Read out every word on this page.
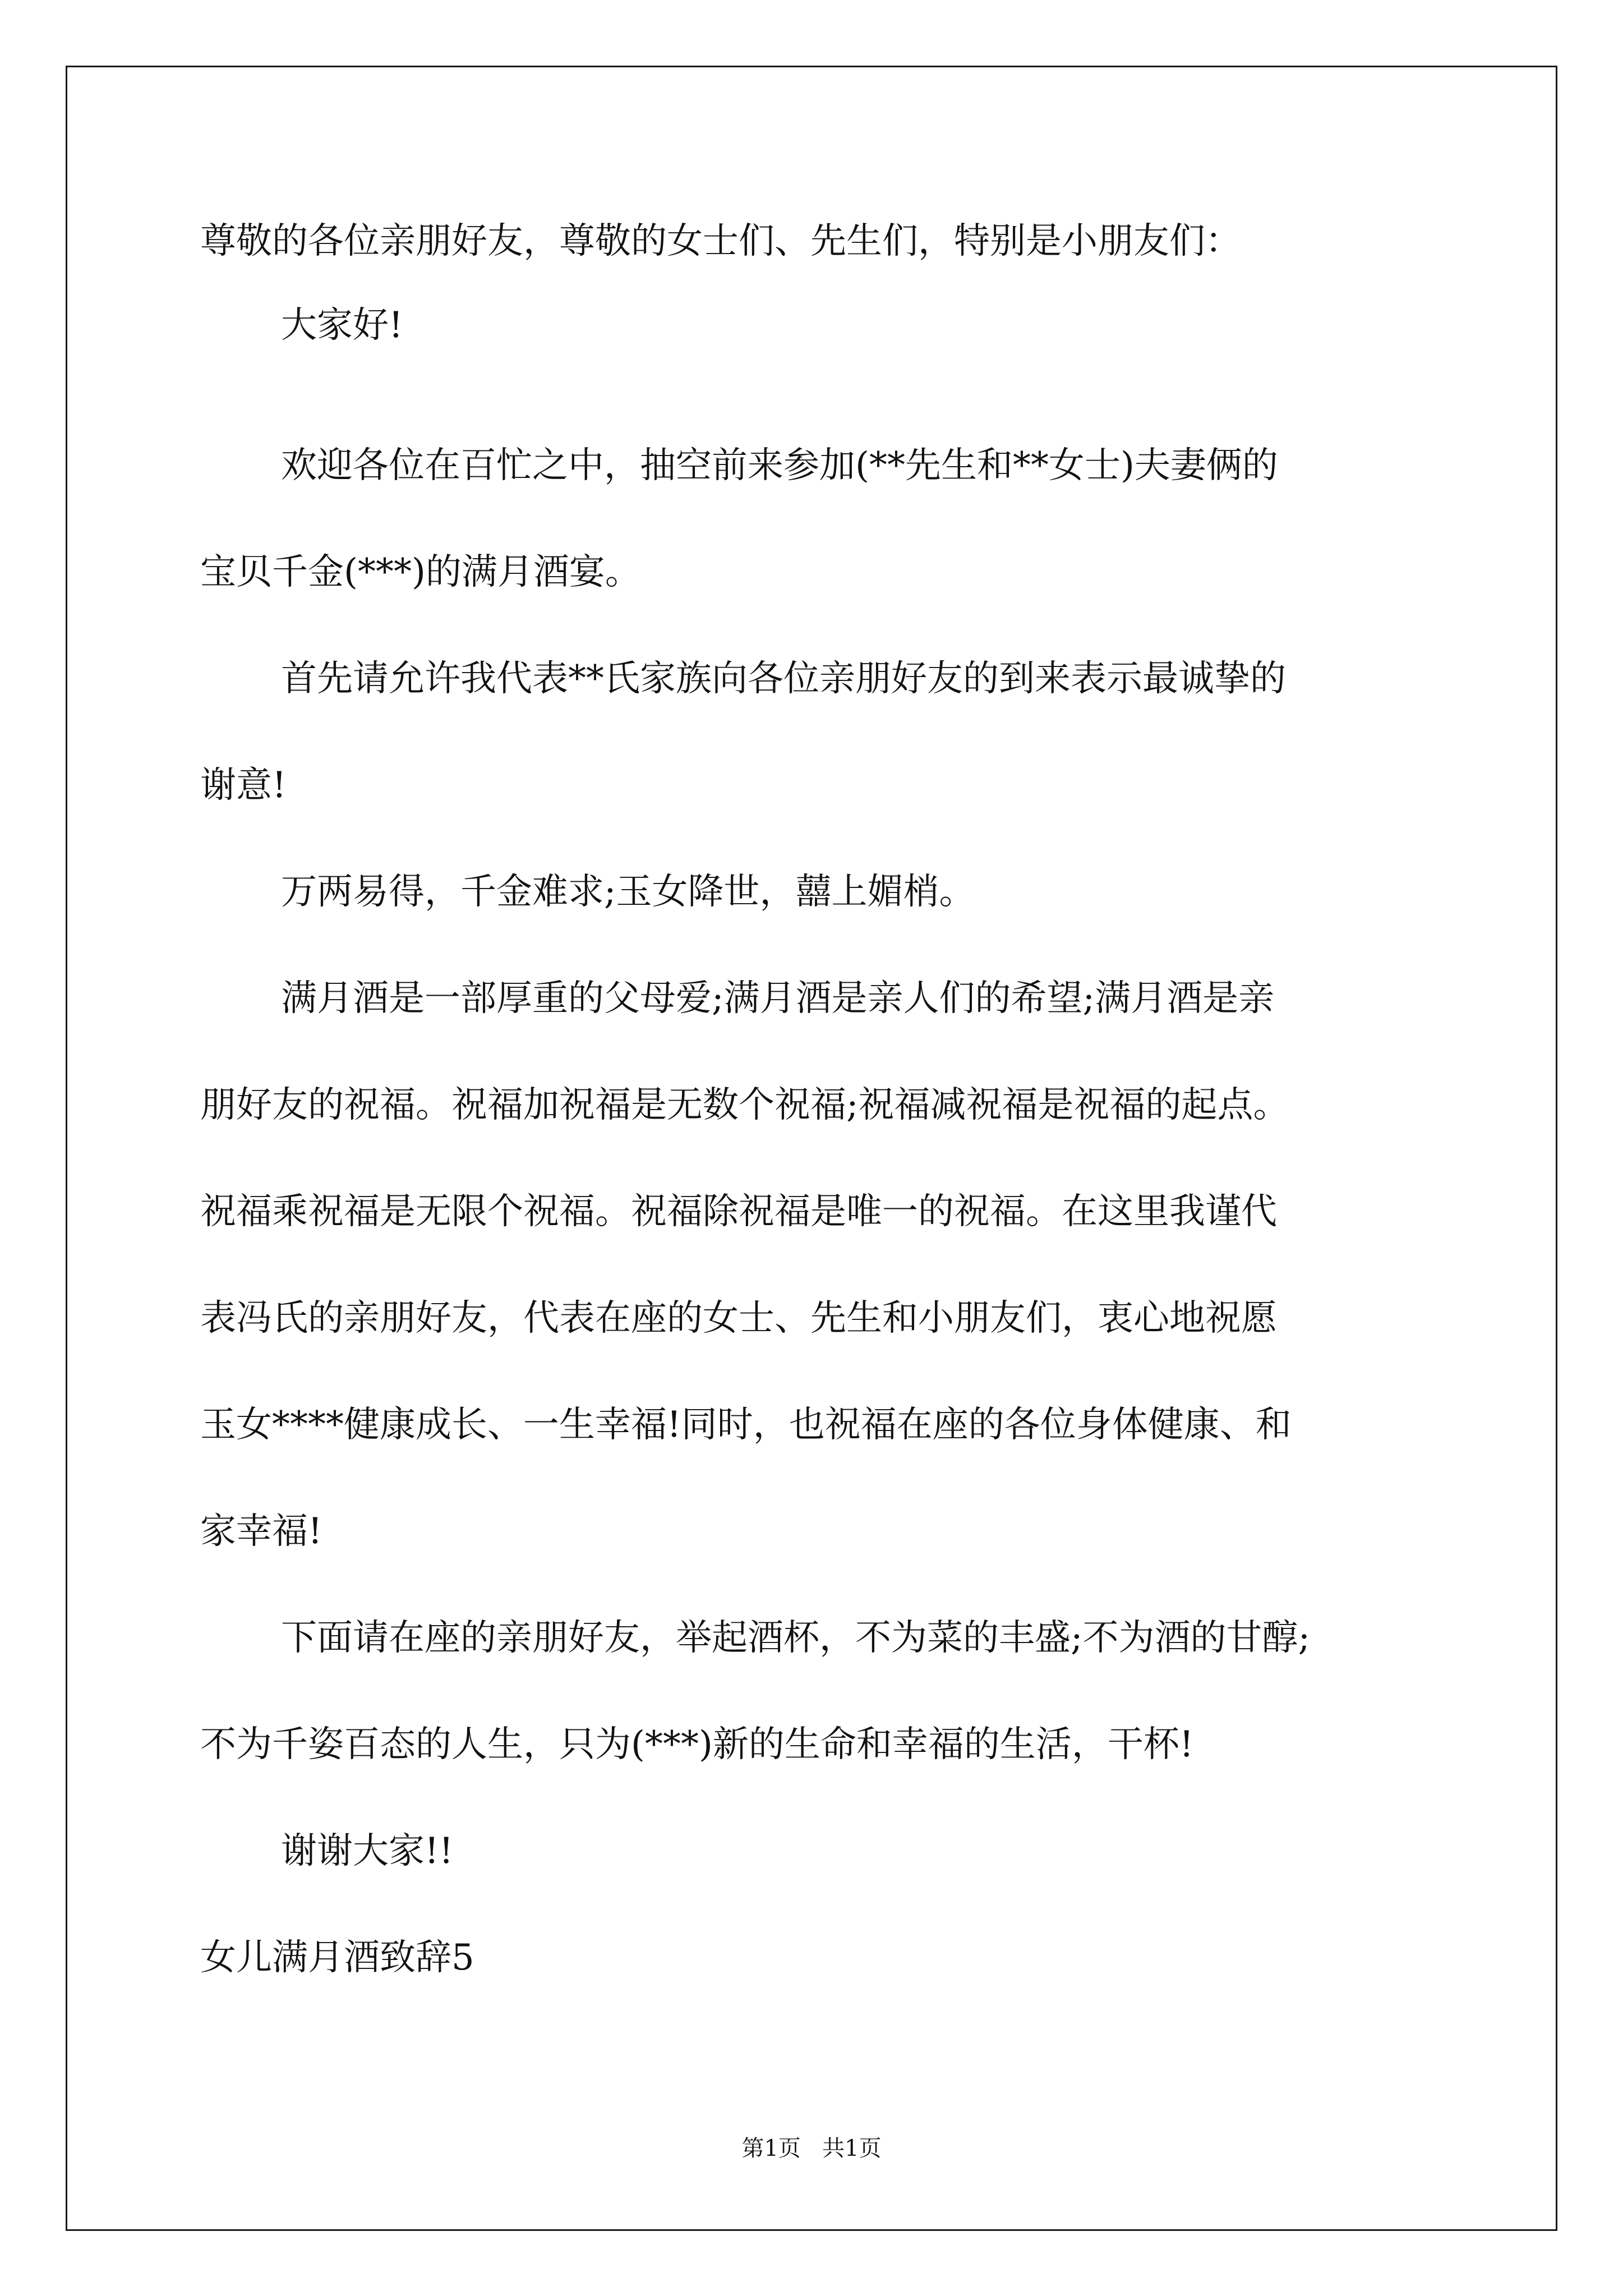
尊敬的各位亲朋好友，尊敬的女士们、先生们，特别是小朋友们：
大家好!
欢迎各位在百忙之中，抽空前来参加(**先生和**女士)夫妻俩的
宝贝千金(***)的满月酒宴。
首先请允许我代表**氏家族向各位亲朋好友的到来表示最诚挚的
谢意!
万两易得，千金难求;玉女降世，囍上媚梢。
满月酒是一部厚重的父母爱;满月酒是亲人们的希望;满月酒是亲
朋好友的祝福。祝福加祝福是无数个祝福;祝福减祝福是祝福的起点。
祝福乘祝福是无限个祝福。祝福除祝福是唯一的祝福。在这里我谨代
表冯氏的亲朋好友，代表在座的女士、先生和小朋友们，衷心地祝愿
玉女****健康成长、一生幸福!同时，也祝福在座的各位身体健康、和
家幸福!
下面请在座的亲朋好友，举起酒杯，不为菜的丰盛;不为酒的甘醇;
不为千姿百态的人生，只为(***)新的生命和幸福的生活，干杯!
谢谢大家!!
女儿满月酒致辞5
第1页   共1页
